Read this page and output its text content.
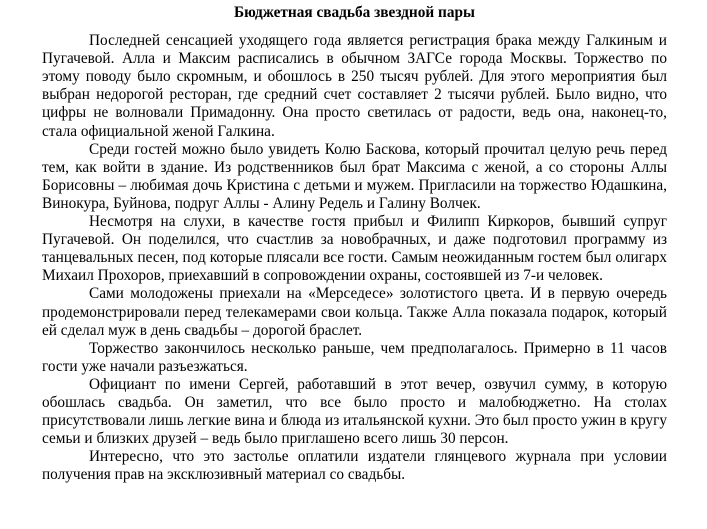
Бюджетная свадьба звездной пары

Последней сенсацией уходящего года является регистрация брака между Галкиным и Пугачевой. Алла и Максим расписались в обычном ЗАГСе города Москвы. Торжество по этому поводу было скромным, и обошлось в 250 тысяч рублей. Для этого мероприятия был выбран недорогой ресторан, где средний счет составляет 2 тысячи рублей. Было видно, что цифры не волновали Примадонну. Она просто светилась от радости, ведь она, наконец-то, стала официальной женой Галкина.

Среди гостей можно было увидеть Колю Баскова, который прочитал целую речь перед тем, как войти в здание. Из родственников был брат Максима с женой, а со стороны Аллы Борисовны – любимая дочь Кристина с детьми и мужем. Пригласили на торжество Юдашкина, Винокура, Буйнова, подруг Аллы - Алину Редель и Галину Волчек.

Несмотря на слухи, в качестве гостя прибыл и Филипп Киркоров, бывший супруг Пугачевой. Он поделился, что счастлив за новобрачных, и даже подготовил программу из танцевальных песен, под которые плясали все гости. Самым неожиданным гостем был олигарх Михаил Прохоров, приехавший в сопровождении охраны, состоявшей из 7-и человек.

Сами молодожены приехали на «Мерседесе» золотистого цвета. И в первую очередь продемонстрировали перед телекамерами свои кольца. Также Алла показала подарок, который ей сделал муж в день свадьбы – дорогой браслет.

Торжество закончилось несколько раньше, чем предполагалось. Примерно в 11 часов гости уже начали разъезжаться.

Официант по имени Сергей, работавший в этот вечер, озвучил сумму, в которую обошлась свадьба. Он заметил, что все было просто и малобюджетно. На столах присутствовали лишь легкие вина и блюда из итальянской кухни. Это был просто ужин в кругу семьи и близких друзей – ведь было приглашено всего лишь 30 персон.

Интересно, что это застолье оплатили издатели глянцевого журнала при условии получения прав на эксклюзивный материал со свадьбы.
